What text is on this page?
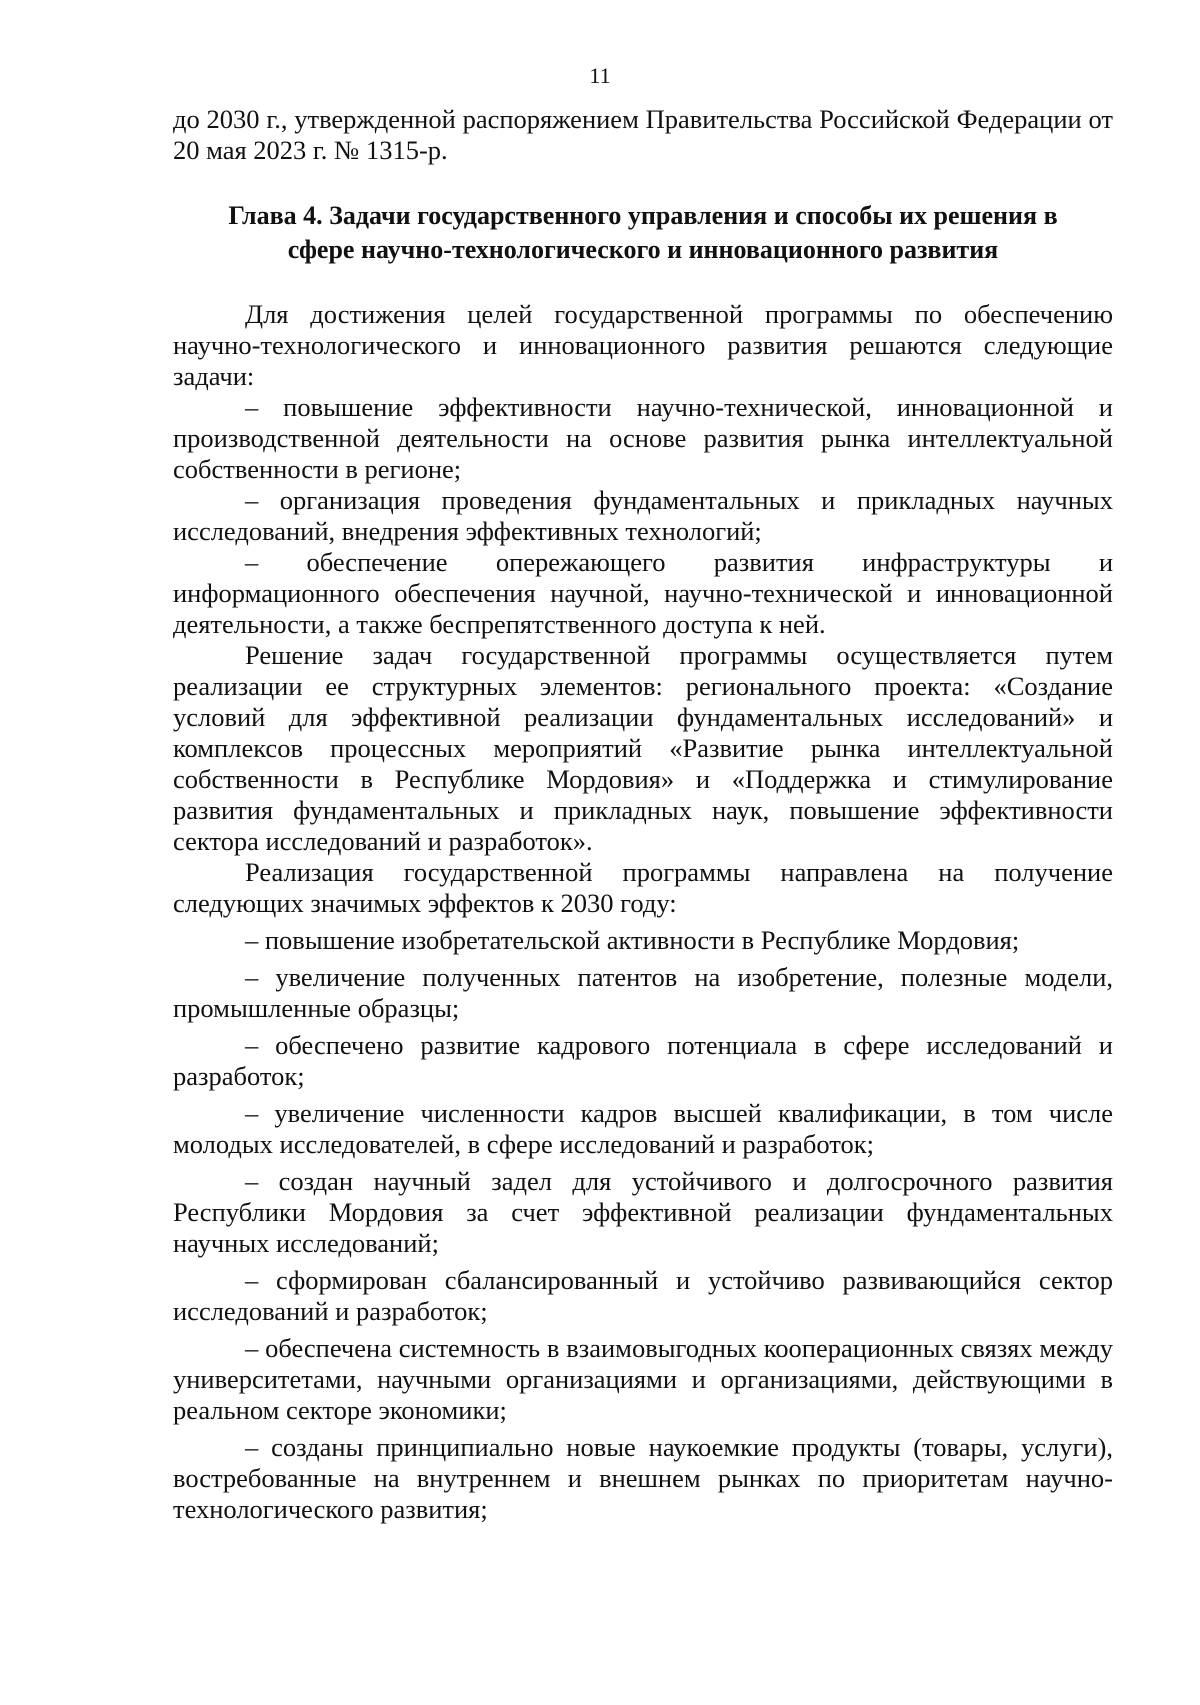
11

до 2030 г., утвержденной распоряжением Правительства Российской Федерации от 20 мая 2023 г. № 1315-р.

Глава 4. Задачи государственного управления и способы их решения в
сфере научно-технологического и инновационного развития

Для достижения целей государственной программы по обеспечению научно-технологического и инновационного развития решаются следующие задачи:

– повышение эффективности научно-технической, инновационной и производственной деятельности на основе развития рынка интеллектуальной собственности в регионе;

– организация проведения фундаментальных и прикладных научных исследований, внедрения эффективных технологий;

– обеспечение опережающего развития инфраструктуры и информационного обеспечения научной, научно-технической и инновационной деятельности, а также беспрепятственного доступа к ней.

Решение задач государственной программы осуществляется путем реализации ее структурных элементов: регионального проекта: «Создание условий для эффективной реализации фундаментальных исследований» и комплексов процессных мероприятий «Развитие рынка интеллектуальной собственности в Республике Мордовия» и «Поддержка и стимулирование развития фундаментальных и прикладных наук, повышение эффективности сектора исследований и разработок».

Реализация государственной программы направлена на получение следующих значимых эффектов к 2030 году:

– повышение изобретательской активности в Республике Мордовия;

– увеличение полученных патентов на изобретение, полезные модели, промышленные образцы;

– обеспечено развитие кадрового потенциала в сфере исследований и разработок;

– увеличение численности кадров высшей квалификации, в том числе молодых исследователей, в сфере исследований и разработок;

– создан научный задел для устойчивого и долгосрочного развития Республики Мордовия за счет эффективной реализации фундаментальных научных исследований;

– сформирован сбалансированный и устойчиво развивающийся сектор исследований и разработок;

– обеспечена системность в взаимовыгодных кооперационных связях между университетами, научными организациями и организациями, действующими в реальном секторе экономики;

– созданы принципиально новые наукоемкие продукты (товары, услуги), востребованные на внутреннем и внешнем рынках по приоритетам научно-технологического развития;
